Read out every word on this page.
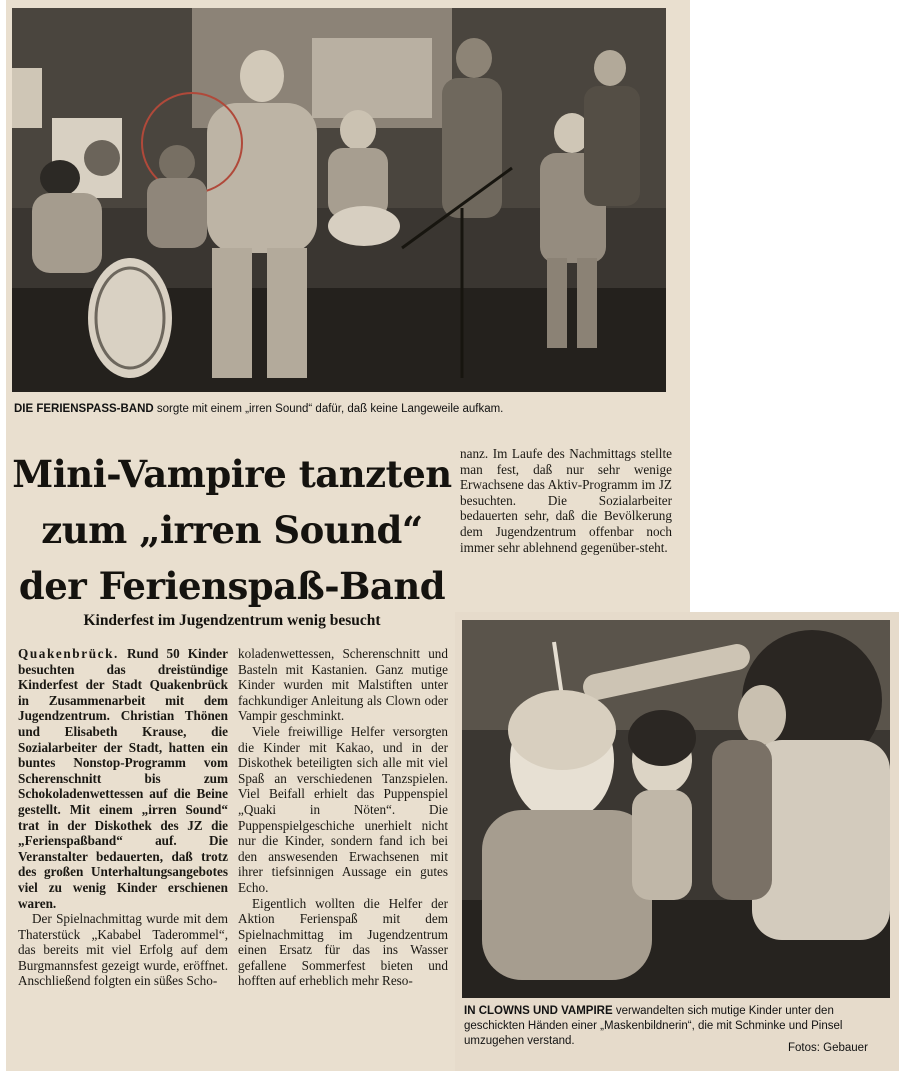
DIE FERIENSPASS-BAND sorgte mit einem „irren Sound“ dafür, daß keine Langeweile aufkam.
Mini-Vampire tanzten
zum „irren Sound“
der Ferienspaß-Band
Kinderfest im Jugendzentrum wenig besucht

Quakenbrück. Rund 50 Kinder besuchten das dreistündige Kinderfest der Stadt Quakenbrück in Zusammenarbeit mit dem Jugendzentrum. Christian Thönen und Elisabeth Krause, die Sozialarbeiter der Stadt, hatten ein buntes Nonstop-Programm vom Scherenschnitt bis zum Schokoladenwettessen auf die Beine gestellt. Mit einem „irren Sound“ trat in der Diskothek des JZ die „Ferienspaßband“ auf. Die Veranstalter bedauerten, daß trotz des großen Unterhaltungsangebotes viel zu wenig Kinder erschienen waren.

Der Spielnachmittag wurde mit dem Thaterstück „Kababel Taderommel“, das bereits mit viel Erfolg auf dem Burgmannsfest gezeigt wurde, eröffnet. Anschließend folgten ein süßes Scho-

koladenwettessen, Scherenschnitt und Basteln mit Kastanien. Ganz mutige Kinder wurden mit Malstiften unter fachkundiger Anleitung als Clown oder Vampir geschminkt.

Viele freiwillige Helfer versorgten die Kinder mit Kakao, und in der Diskothek beteiligten sich alle mit viel Spaß an verschiedenen Tanzspielen. Viel Beifall erhielt das Puppenspiel „Quaki in Nöten“. Die Puppenspielgeschiche unerhielt nicht nur die Kinder, sondern fand ich bei den answesenden Erwachsenen mit ihrer tiefsinnigen Aussage ein gutes Echo.

Eigentlich wollten die Helfer der Aktion Ferienspaß mit dem Spielnachmittag im Jugendzentrum einen Ersatz für das ins Wasser gefallene Sommerfest bieten und hofften auf erheblich mehr Reso-

nanz. Im Laufe des Nachmittags stellte man fest, daß nur sehr wenige Erwachsene das Aktiv-Programm im JZ besuchten. Die Sozialarbeiter bedauerten sehr, daß die Bevölkerung dem Jugendzentrum offenbar noch immer sehr ablehnend gegenüber-steht.

IN CLOWNS UND VAMPIRE verwandelten sich mutige Kinder unter den geschickten Händen einer „Maskenbildnerin“, die mit Schminke und Pinsel umzugehen verstand.
Fotos: Gebauer
